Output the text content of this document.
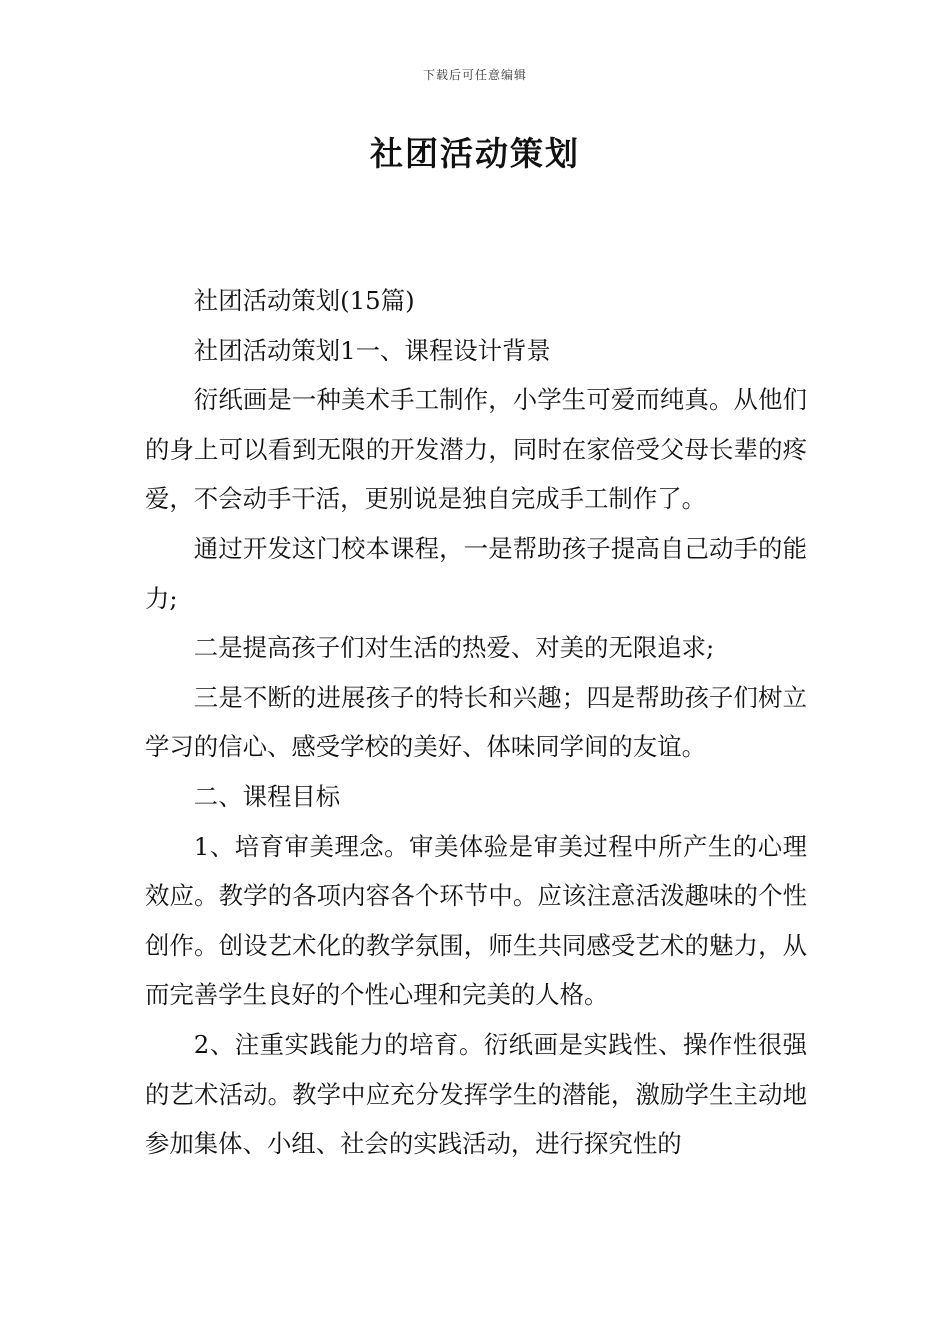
下载后可任意编辑
社团活动策划

社团活动策划(15篇)

社团活动策划1一、课程设计背景

衍纸画是一种美术手工制作，小学生可爱而纯真。从他们的身上可以看到无限的开发潜力，同时在家倍受父母长辈的疼爱，不会动手干活，更别说是独自完成手工制作了。

通过开发这门校本课程，一是帮助孩子提高自己动手的能力;

二是提高孩子们对生活的热爱、对美的无限追求;

三是不断的进展孩子的特长和兴趣；四是帮助孩子们树立学习的信心、感受学校的美好、体味同学间的友谊。

二、课程目标

1、培育审美理念。审美体验是审美过程中所产生的心理效应。教学的各项内容各个环节中。应该注意活泼趣味的个性创作。创设艺术化的教学氛围，师生共同感受艺术的魅力，从而完善学生良好的个性心理和完美的人格。

2、注重实践能力的培育。衍纸画是实践性、操作性很强的艺术活动。教学中应充分发挥学生的潜能，激励学生主动地参加集体、小组、社会的实践活动，进行探究性的
